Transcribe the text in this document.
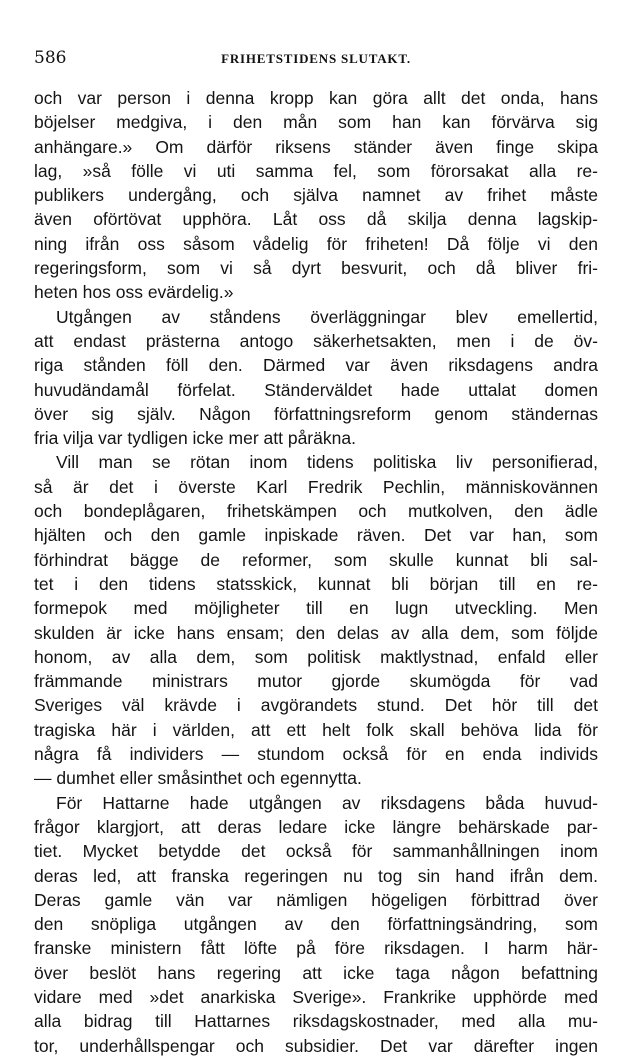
586	FRIHETSTIDENS SLUTAKT.
och var person i denna kropp kan göra allt det onda, hans
böjelser medgiva, i den mån som han kan förvärva sig
anhängare.» Om därför riksens ständer även finge skipa
lag, »så fölle vi uti samma fel, som förorsakat alla re-
publikers undergång, och själva namnet av frihet måste
även oförtövat upphöra. Låt oss då skilja denna lagskip-
ning ifrån oss såsom vådelig för friheten! Då följe vi den
regeringsform, som vi så dyrt besvurit, och då bliver fri-
heten hos oss evärdelig.»
Utgången av ståndens överläggningar blev emellertid,
att endast prästerna antogo säkerhetsakten, men i de öv-
riga stånden föll den. Därmed var även riksdagens andra
huvudändamål förfelat. Ständerväldet hade uttalat domen
över sig själv. Någon författningsreform genom ständernas
fria vilja var tydligen icke mer att påräkna.
Vill man se rötan inom tidens politiska liv personifierad,
så är det i överste Karl Fredrik Pechlin, människovännen
och bondeplågaren, frihetskämpen och mutkolven, den ädle
hjälten och den gamle inpiskade räven. Det var han, som
förhindrat bägge de reformer, som skulle kunnat bli sal-
tet i den tidens statsskick, kunnat bli början till en re-
formepok med möjligheter till en lugn utveckling. Men
skulden är icke hans ensam; den delas av alla dem, som följde
honom, av alla dem, som politisk maktlystnad, enfald eller
främmande ministrars mutor gjorde skumögda för vad
Sveriges väl krävde i avgörandets stund. Det hör till det
tragiska här i världen, att ett helt folk skall behöva lida för
några få individers — stundom också för en enda individs
— dumhet eller småsinthet och egennytta.
För Hattarne hade utgången av riksdagens båda huvud-
frågor klargjort, att deras ledare icke längre behärskade par-
tiet. Mycket betydde det också för sammanhållningen inom
deras led, att franska regeringen nu tog sin hand ifrån dem.
Deras gamle vän var nämligen högeligen förbittrad över
den snöpliga utgången av den författningsändring, som
franske ministern fått löfte på före riksdagen. I harm här-
över beslöt hans regering att icke taga någon befattning
vidare med »det anarkiska Sverige». Frankrike upphörde med
alla bidrag till Hattarnes riksdagskostnader, med alla mu-
tor, underhållspengar och subsidier. Det var därefter ingen
